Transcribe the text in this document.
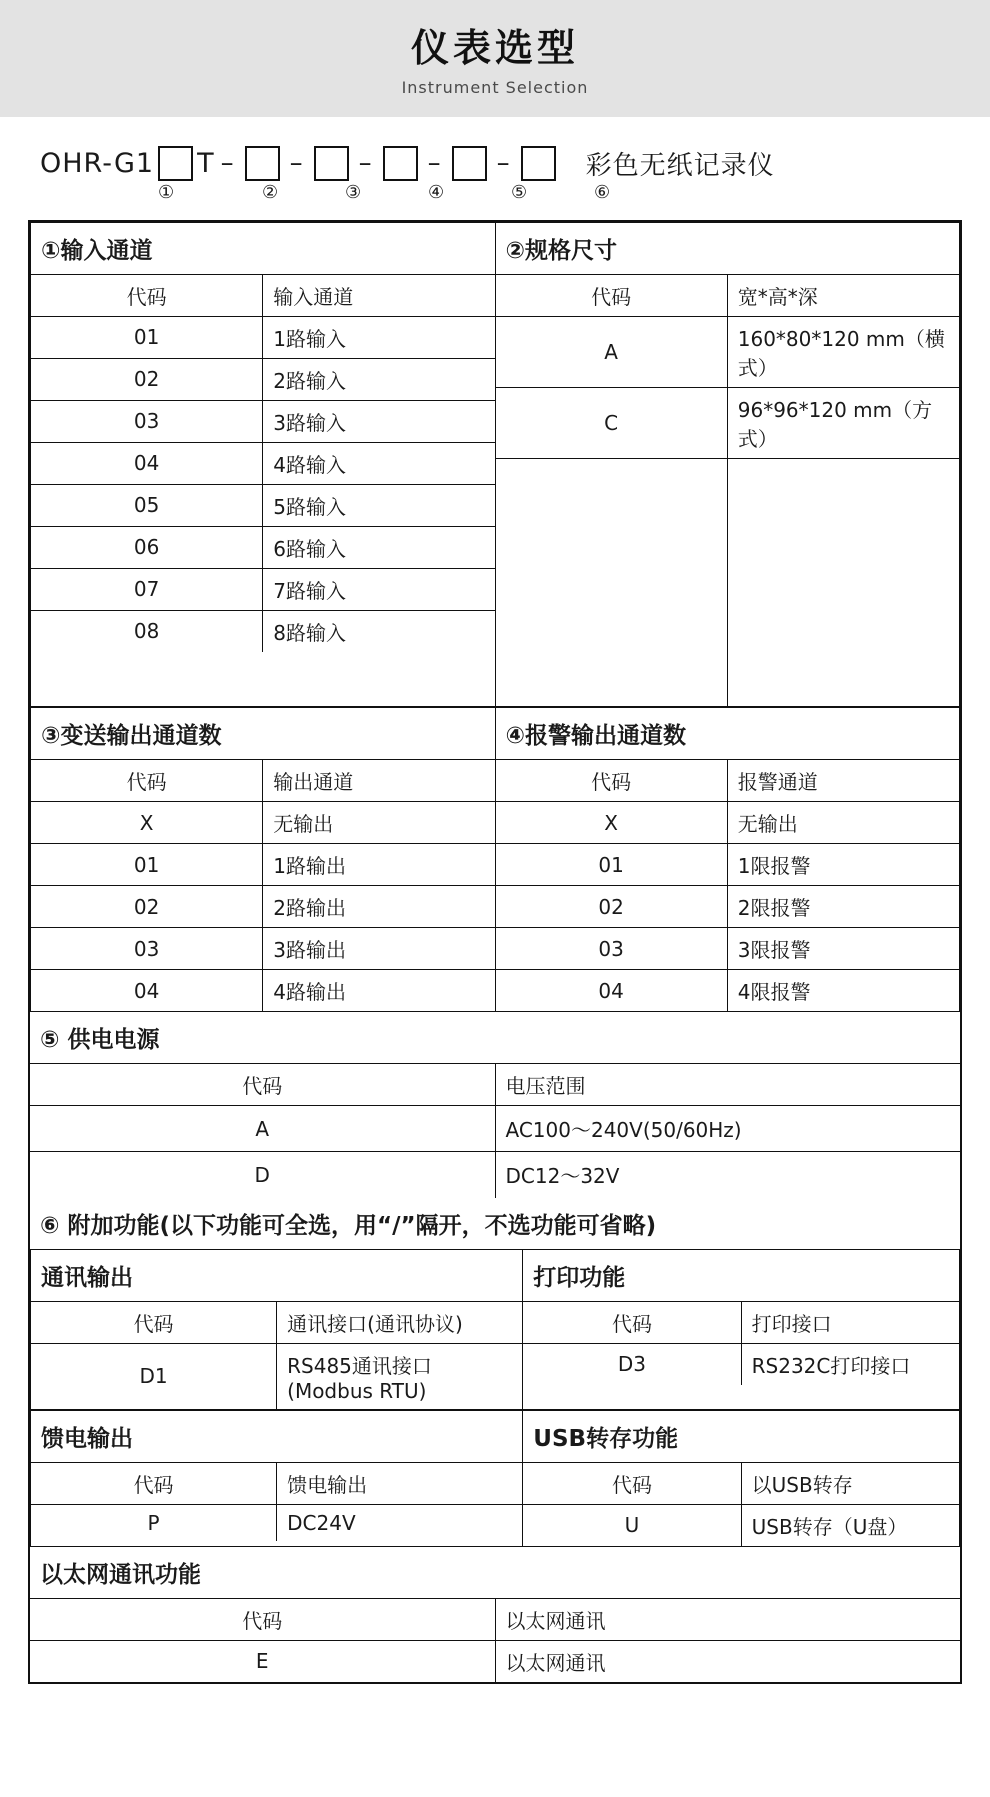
仪表选型
Instrument Selection
OHR-G1 T – – – – –	彩色无纸记录仪
①	②	③	④	⑤	⑥
①输入通道
代码	输入通道
01	1路输入
02	2路输入
03	3路输入
04	4路输入
05	5路输入
06	6路输入
07	7路输入
08	8路输入

②规格尺寸
代码	宽*高*深
A	160*80*120 mm（横式）
C	96*96*120 mm（方式）

③变送输出通道数
代码	输出通道
X	无输出
01	1路输出
02	2路输出
03	3路输出
04	4路输出

④报警输出通道数
代码	报警通道
X	无输出
01	1限报警
02	2限报警
03	3限报警
04	4限报警
⑤ 供电电源	
代码	电压范围
A	AC100～240V(50/60Hz)
D	DC12～32V
⑥ 附加功能(以下功能可全选，用“/”隔开，不选功能可省略)
通讯输出
代码	通讯接口(通讯协议)
D1	RS485通讯接口(Modbus RTU)

打印功能
代码	打印接口
D3	RS232C打印接口
馈电输出
代码	馈电输出
P	DC24V

USB转存功能
代码	以USB转存
U	USB转存（U盘）
以太网通讯功能	
代码	以太网通讯
E	以太网通讯
